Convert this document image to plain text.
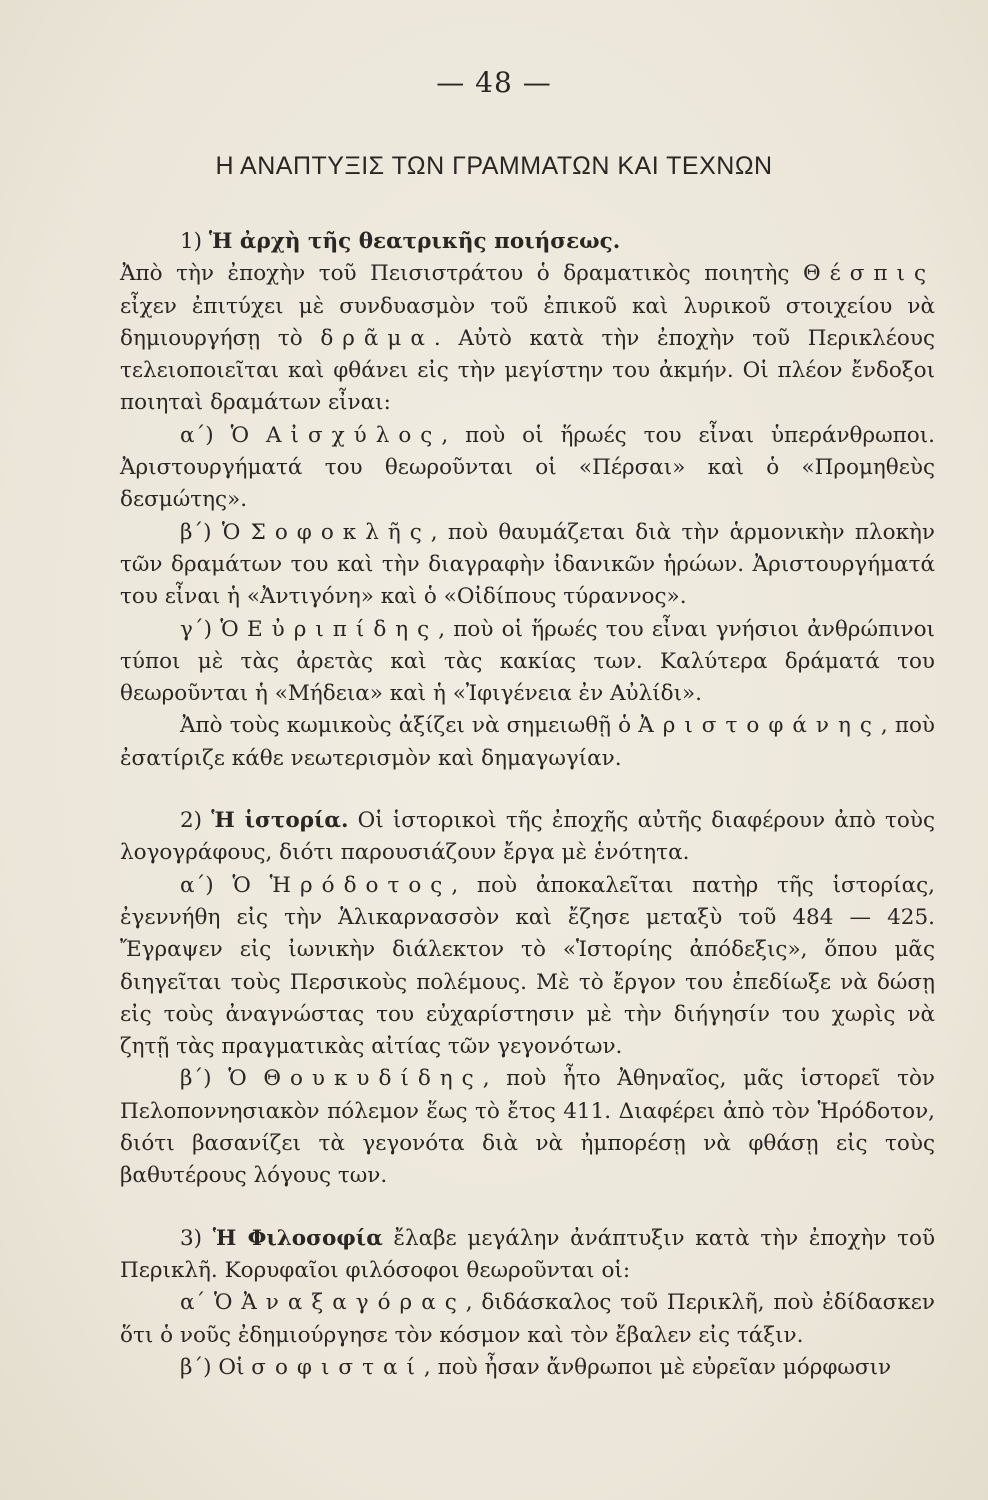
— 48 —
Η ΑΝΑΠΤΥΞΙΣ ΤΩΝ ΓΡΑΜΜΑΤΩΝ ΚΑΙ ΤΕΧΝΩΝ

1) Ἡ ἀρχὴ τῆς θεατρικῆς ποιήσεως.

Ἀπὸ τὴν ἐποχὴν τοῦ Πεισιστράτου ὁ δραματικὸς ποιητὴς Θέσπις εἶχεν ἐπιτύχει μὲ συνδυασμὸν τοῦ ἐπικοῦ καὶ λυρικοῦ στοιχείου νὰ δημιουργήσῃ τὸ δρᾶμα. Αὐτὸ κατὰ τὴν ἐποχὴν τοῦ Περικλέους τελειοποιεῖται καὶ φθάνει εἰς τὴν μεγίστην του ἀκμήν. Οἱ πλέον ἔνδοξοι ποιηταὶ δραμάτων εἶναι:

α΄) Ὁ Αἰσχύλος, ποὺ οἱ ἥρωές του εἶναι ὑπεράνθρωποι. Ἀριστουργήματά του θεωροῦνται οἱ «Πέρσαι» καὶ ὁ «Προμηθεὺς δεσμώτης».

β΄) Ὁ Σοφοκλῆς, ποὺ θαυμάζεται διὰ τὴν ἁρμονικὴν πλοκὴν τῶν δραμάτων του καὶ τὴν διαγραφὴν ἰδανικῶν ἡρώων. Ἀριστουργήματά του εἶναι ἡ «Ἀντιγόνη» καὶ ὁ «Οἰδίπους τύραννος».

γ΄) Ὁ Εὐριπίδης, ποὺ οἱ ἥρωές του εἶναι γνήσιοι ἀνθρώπινοι τύποι μὲ τὰς ἀρετὰς καὶ τὰς κακίας των. Καλύτερα δράματά του θεωροῦνται ἡ «Μήδεια» καὶ ἡ «Ἰφιγένεια ἐν Αὐλίδι».

Ἀπὸ τοὺς κωμικοὺς ἀξίζει νὰ σημειωθῇ ὁ Ἀριστοφάνης, ποὺ ἐσατίριζε κάθε νεωτερισμὸν καὶ δημαγωγίαν.

2) Ἡ ἱστορία. Οἱ ἱστορικοὶ τῆς ἐποχῆς αὐτῆς διαφέρουν ἀπὸ τοὺς λογογράφους, διότι παρουσιάζουν ἔργα μὲ ἑνότητα.

α΄) Ὁ Ἡρόδοτος, ποὺ ἀποκαλεῖται πατὴρ τῆς ἱστορίας, ἐγεννήθη εἰς τὴν Ἁλικαρνασσὸν καὶ ἔζησε μεταξὺ τοῦ 484 — 425. Ἔγραψεν εἰς ἰωνικὴν διάλεκτον τὸ «Ἱστορίης ἀπόδεξις», ὅπου μᾶς διηγεῖται τοὺς Περσικοὺς πολέμους. Μὲ τὸ ἔργον του ἐπεδίωξε νὰ δώσῃ εἰς τοὺς ἀναγνώστας του εὐχαρίστησιν μὲ τὴν διήγησίν του χωρὶς νὰ ζητῇ τὰς πραγματικὰς αἰτίας τῶν γεγονότων.

β΄) Ὁ Θουκυδίδης, ποὺ ἦτο Ἀθηναῖος, μᾶς ἱστορεῖ τὸν Πελοποννησιακὸν πόλεμον ἕως τὸ ἔτος 411. Διαφέρει ἀπὸ τὸν Ἡρόδοτον, διότι βασανίζει τὰ γεγονότα διὰ νὰ ἠμπορέσῃ νὰ φθάσῃ εἰς τοὺς βαθυτέρους λόγους των.

3) Ἡ Φιλοσοφία ἔλαβε μεγάλην ἀνάπτυξιν κατὰ τὴν ἐποχὴν τοῦ Περικλῆ. Κορυφαῖοι φιλόσοφοι θεωροῦνται οἱ:

α΄ Ὁ Ἀναξαγόρας, διδάσκαλος τοῦ Περικλῆ, ποὺ ἐδίδασκεν ὅτι ὁ νοῦς ἐδημιούργησε τὸν κόσμον καὶ τὸν ἔβαλεν εἰς τάξιν.

β΄) Οἱ σοφισταί, ποὺ ἦσαν ἄνθρωποι μὲ εὐρεῖαν μόρφωσιν
